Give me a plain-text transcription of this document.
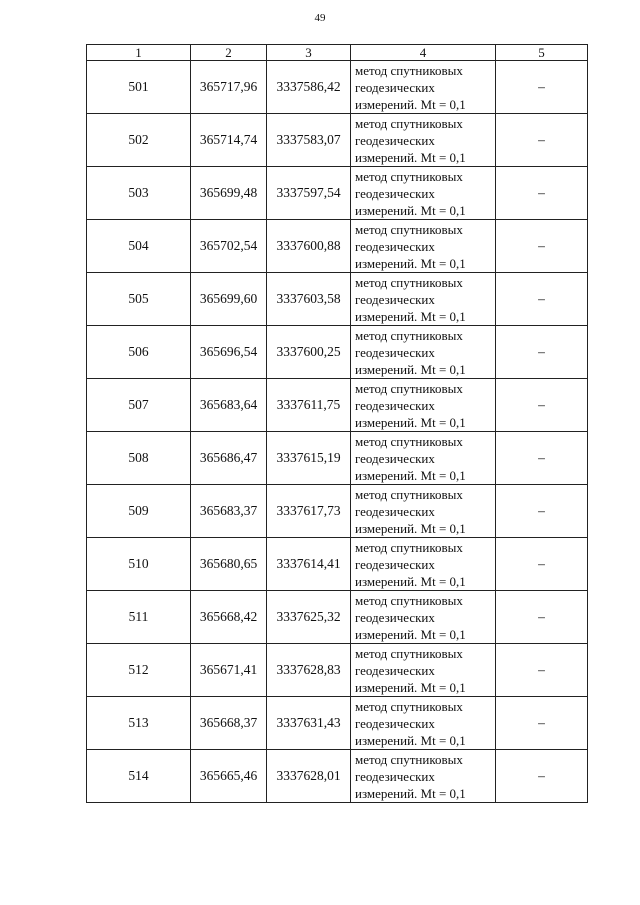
49
1	2	3	4	5
501	365717,96	3337586,42	метод спутниковых
геодезических
измерений. Mt = 0,1	–
502	365714,74	3337583,07	метод спутниковых
геодезических
измерений. Mt = 0,1	–
503	365699,48	3337597,54	метод спутниковых
геодезических
измерений. Mt = 0,1	–
504	365702,54	3337600,88	метод спутниковых
геодезических
измерений. Mt = 0,1	–
505	365699,60	3337603,58	метод спутниковых
геодезических
измерений. Mt = 0,1	–
506	365696,54	3337600,25	метод спутниковых
геодезических
измерений. Mt = 0,1	–
507	365683,64	3337611,75	метод спутниковых
геодезических
измерений. Mt = 0,1	–
508	365686,47	3337615,19	метод спутниковых
геодезических
измерений. Mt = 0,1	–
509	365683,37	3337617,73	метод спутниковых
геодезических
измерений. Mt = 0,1	–
510	365680,65	3337614,41	метод спутниковых
геодезических
измерений. Mt = 0,1	–
511	365668,42	3337625,32	метод спутниковых
геодезических
измерений. Mt = 0,1	–
512	365671,41	3337628,83	метод спутниковых
геодезических
измерений. Mt = 0,1	–
513	365668,37	3337631,43	метод спутниковых
геодезических
измерений. Mt = 0,1	–
514	365665,46	3337628,01	метод спутниковых
геодезических
измерений. Mt = 0,1	–
